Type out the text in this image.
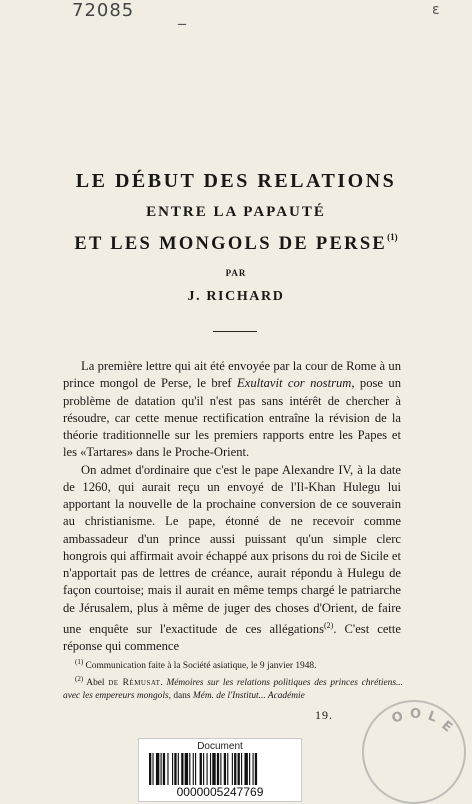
72085	_	ɛ
LE DÉBUT DES RELATIONS
ENTRE LA PAPAUTÉ
ET LES MONGOLS DE PERSE$^{(1)}$
PAR
J. RICHARD

La première lettre qui ait été envoyée par la cour de Rome à un prince mongol de Perse, le bref Exultavit cor nostrum, pose un problème de datation qu'il n'est pas sans intérêt de chercher à résoudre, car cette menue rectification entraîne la révision de la théorie traditionnelle sur les premiers rapports entre les Papes et les «Tartares» dans le Proche-Orient.

On admet d'ordinaire que c'est le pape Alexandre IV, à la date de 1260, qui aurait reçu un envoyé de l'Il-Khan Hulegu lui apportant la nouvelle de la prochaine conversion de ce souverain au christianisme. Le pape, étonné de ne recevoir comme ambassadeur d'un prince aussi puissant qu'un simple clerc hongrois qui affirmait avoir échappé aux prisons du roi de Sicile et n'apportait pas de lettres de créance, aurait répondu à Hulegu de façon courtoise; mais il aurait en même temps chargé le patriarche de Jérusalem, plus à même de juger des choses d'Orient, de faire une enquête sur l'exactitude de ces allégations$^{(2)}$. C'est cette réponse qui commence

$^{(1)}$ Communication faite à la Société asiatique, le 9 janvier 1948.

$^{(2)}$ Abel de Rémusat. Mémoires sur les relations politiques des princes chrétiens... avec les empereurs mongols, dans Mém. de l'Institut... Académie

19.	O O L
E
Document
0000005247769
